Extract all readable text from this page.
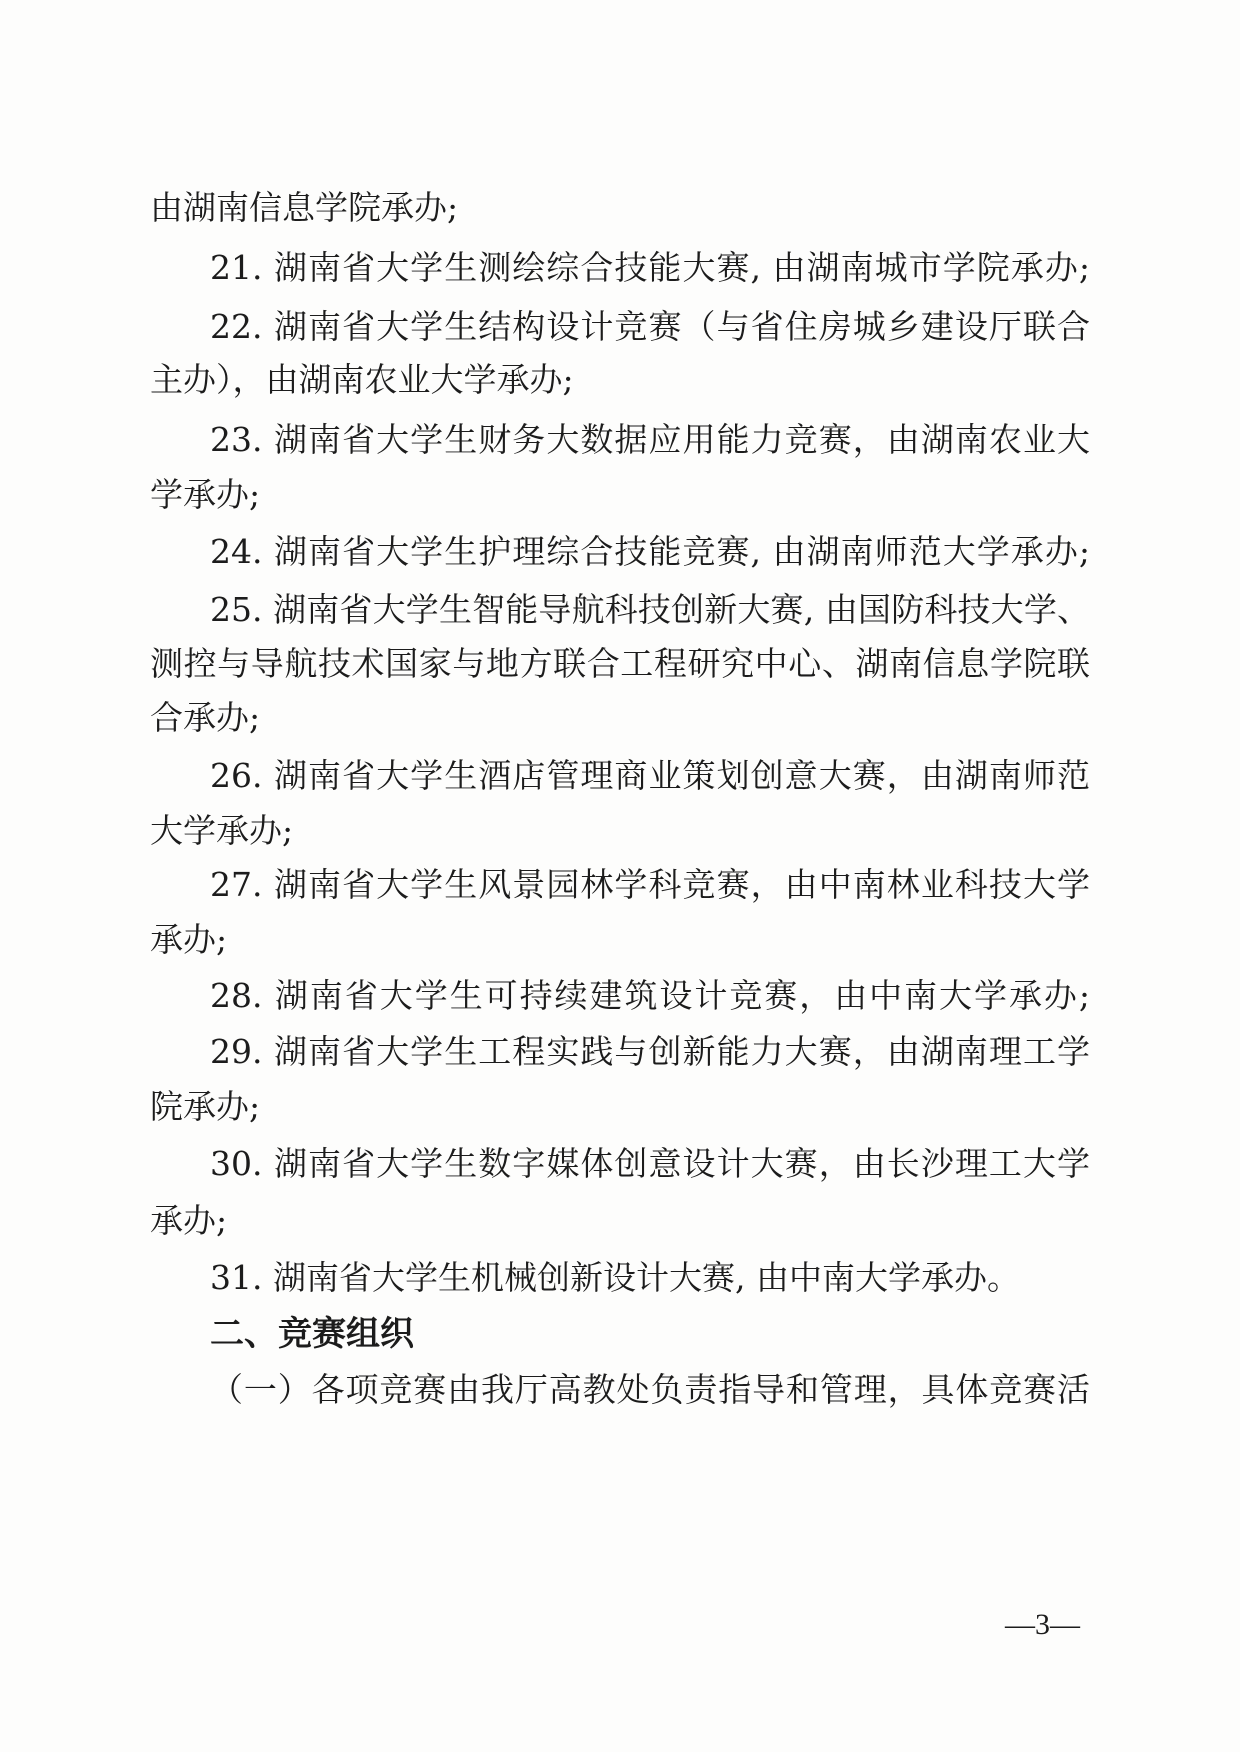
由湖南信息学院承办;
21. 湖南省大学生测绘综合技能大赛, 由湖南城市学院承办;
22. 湖南省大学生结构设计竞赛（与省住房城乡建设厅联合
主办），由湖南农业大学承办;
23. 湖南省大学生财务大数据应用能力竞赛，由湖南农业大
学承办;
24. 湖南省大学生护理综合技能竞赛, 由湖南师范大学承办;
25. 湖南省大学生智能导航科技创新大赛, 由国防科技大学、
测控与导航技术国家与地方联合工程研究中心、湖南信息学院联
合承办;
26. 湖南省大学生酒店管理商业策划创意大赛，由湖南师范
大学承办;
27. 湖南省大学生风景园林学科竞赛，由中南林业科技大学
承办;
28. 湖南省大学生可持续建筑设计竞赛，由中南大学承办;
29. 湖南省大学生工程实践与创新能力大赛，由湖南理工学
院承办;
30. 湖南省大学生数字媒体创意设计大赛，由长沙理工大学
承办;
31. 湖南省大学生机械创新设计大赛, 由中南大学承办。
二、竞赛组织
（一）各项竞赛由我厅高教处负责指导和管理，具体竞赛活
—3—
